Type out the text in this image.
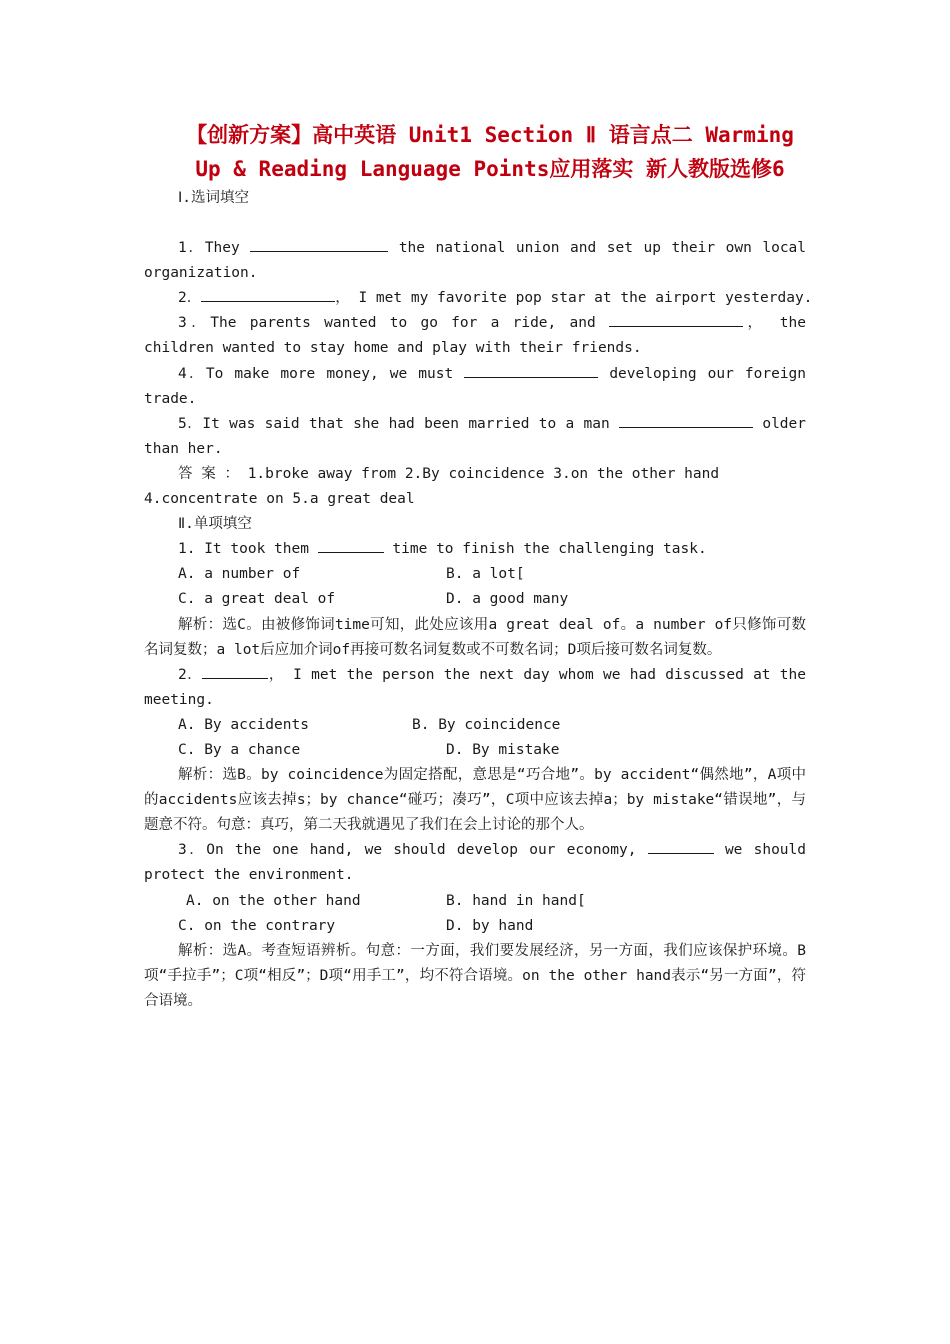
【创新方案】高中英语 Unit1 Section Ⅱ 语言点二 Warming
Up & Reading Language Points应用落实 新人教版选修6

Ⅰ.选词填空

1．They	the national union and set up their own local organization.

2．	， I met my favorite pop star at the airport yesterday.

3．The parents wanted to go for a ride, and	， the children wanted to stay home and play with their friends.

4．To make more money, we must	developing our foreign trade.

5．It was said that she had been married to a man	older than her.

答 案 ： 1.broke away from 2.By coincidence 3.on the other hand

4.concentrate on 5.a great deal

Ⅱ.单项填空

1. It took them	time to finish the challenging task.

A. a number of	B. a lot[
C. a great deal of	D. a good many

解析：选C。由被修饰词time可知，此处应该用a great deal of。a number of只修饰可数名词复数；a lot后应加介词of再接可数名词复数或不可数名词；D项后接可数名词复数。

2．	， I met the person the next day whom we had discussed at the meeting.

A. By accidents	B. By coincidence
C. By a chance	D. By mistake

解析：选B。by coincidence为固定搭配，意思是“巧合地”。by accident“偶然地”，A项中的accidents应该去掉s；by chance“碰巧；凑巧”，C项中应该去掉a；by mistake“错误地”，与题意不符。句意：真巧，第二天我就遇见了我们在会上讨论的那个人。

3．On the one hand, we should develop our economy,	we should protect the environment.

A. on the other hand	B. hand in hand[
C. on the contrary	D. by hand

解析：选A。考查短语辨析。句意：一方面，我们要发展经济，另一方面，我们应该保护环境。B项“手拉手”；C项“相反”；D项“用手工”，均不符合语境。on the other hand表示“另一方面”，符合语境。
